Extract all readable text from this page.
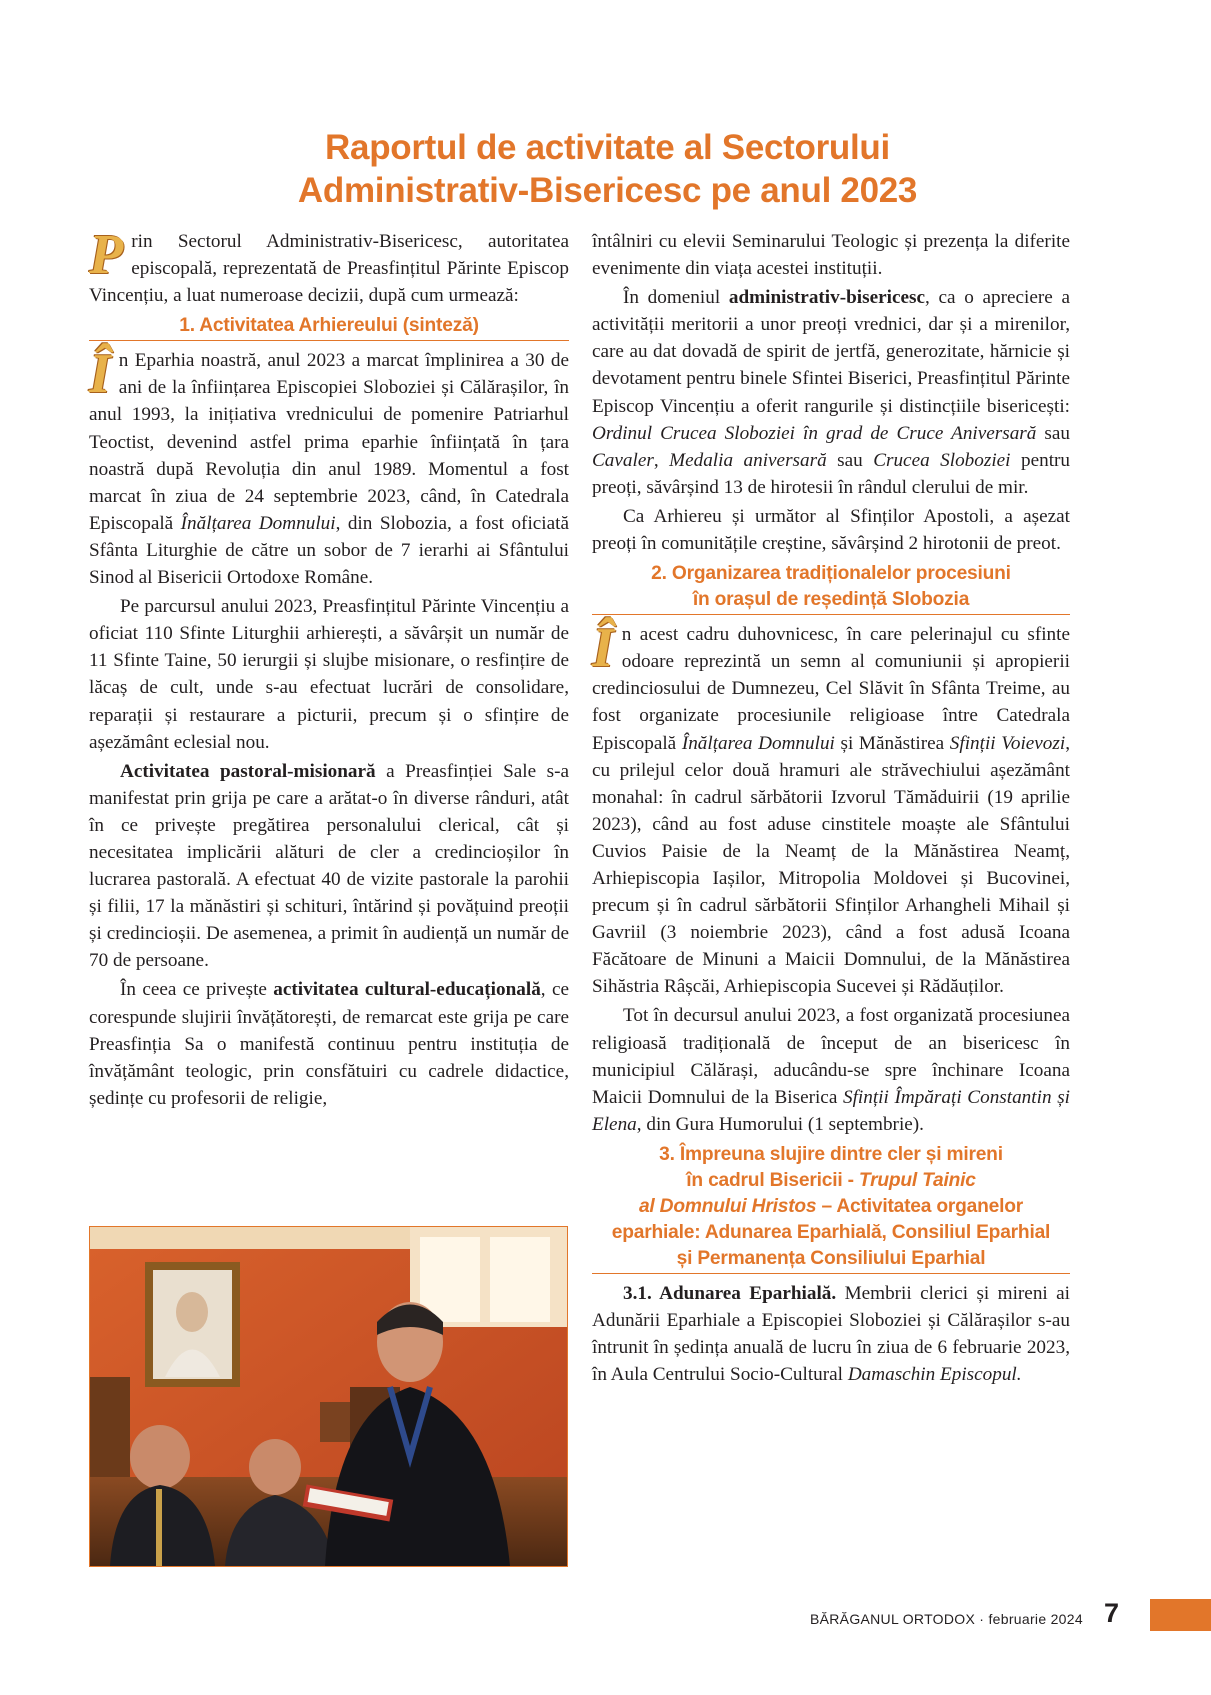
Raportul de activitate al Sectorului
Administrativ-Bisericesc pe anul 2023

Prin Sectorul Administrativ-Bisericesc, autoritatea episcopală, reprezentată de Preasfințitul Părinte Episcop Vincențiu, a luat numeroase decizii, după cum urmează:

1. Activitatea Arhiereului (sinteză)

În Eparhia noastră, anul 2023 a marcat împlinirea a 30 de ani de la înființarea Episcopiei Sloboziei și Călărașilor, în anul 1993, la inițiativa vrednicului de pomenire Patriarhul Teoctist, devenind astfel prima eparhie înființată în țara noastră după Revoluția din anul 1989. Momentul a fost marcat în ziua de 24 septembrie 2023, când, în Catedrala Episcopală Înălțarea Domnului, din Slobozia, a fost oficiată Sfânta Liturghie de către un sobor de 7 ierarhi ai Sfântului Sinod al Bisericii Ortodoxe Române.

Pe parcursul anului 2023, Preasfințitul Părinte Vincențiu a oficiat 110 Sfinte Liturghii arhierești, a săvârșit un număr de 11 Sfinte Taine, 50 ierurgii și slujbe misionare, o resfințire de lăcaș de cult, unde s-au efectuat lucrări de consolidare, reparații și restaurare a picturii, precum și o sfințire de așezământ eclesial nou.

Activitatea pastoral-misionară a Preasfinției Sale s-a manifestat prin grija pe care a arătat-o în diverse rânduri, atât în ce privește pregătirea personalului clerical, cât și necesitatea implicării alături de cler a credincioșilor în lucrarea pastorală. A efectuat 40 de vizite pastorale la parohii și filii, 17 la mănăstiri și schituri, întărind și povățuind preoții și credincioșii. De asemenea, a primit în audiență un număr de 70 de persoane.

În ceea ce privește activitatea cultural-educațională, ce corespunde slujirii învățătorești, de remarcat este grija pe care Preasfinția Sa o manifestă continuu pentru instituția de învățământ teologic, prin consfătuiri cu cadrele didactice, ședințe cu profesorii de religie,

întâlniri cu elevii Seminarului Teologic și prezența la diferite evenimente din viața acestei instituții.

În domeniul administrativ-bisericesc, ca o apreciere a activității meritorii a unor preoți vrednici, dar și a mirenilor, care au dat dovadă de spirit de jertfă, generozitate, hărnicie și devotament pentru binele Sfintei Biserici, Preasfințitul Părinte Episcop Vincențiu a oferit rangurile și distincțiile bisericești: Ordinul Crucea Sloboziei în grad de Cruce Aniversară sau Cavaler, Medalia aniversară sau Crucea Sloboziei pentru preoți, săvârșind 13 de hirotesii în rândul clerului de mir.

Ca Arhiereu și următor al Sfinților Apostoli, a așezat preoți în comunitățile creștine, săvârșind 2 hirotonii de preot.

2. Organizarea tradiționalelor procesiuni
în orașul de reședință Slobozia

În acest cadru duhovnicesc, în care pelerinajul cu sfinte odoare reprezintă un semn al comuniunii și apropierii credinciosului de Dumnezeu, Cel Slăvit în Sfânta Treime, au fost organizate procesiunile religioase între Catedrala Episcopală Înălțarea Domnului și Mănăstirea Sfinții Voievozi, cu prilejul celor două hramuri ale străvechiului așezământ monahal: în cadrul sărbătorii Izvorul Tămăduirii (19 aprilie 2023), când au fost aduse cinstitele moaște ale Sfântului Cuvios Paisie de la Neamț de la Mănăstirea Neamț, Arhiepiscopia Iașilor, Mitropolia Moldovei și Bucovinei, precum și în cadrul sărbătorii Sfinților Arhangheli Mihail și Gavriil (3 noiembrie 2023), când a fost adusă Icoana Făcătoare de Minuni a Maicii Domnului, de la Mănăstirea Sihăstria Râșcăi, Arhiepiscopia Sucevei și Rădăuților.

Tot în decursul anului 2023, a fost organizată procesiunea religioasă tradițională de început de an bisericesc în municipiul Călărași, aducându-se spre închinare Icoana Maicii Domnului de la Biserica Sfinții Împărați Constantin și Elena, din Gura Humorului (1 septembrie).

3. Împreuna slujire dintre cler și mireni
în cadrul Bisericii - Trupul Tainic
al Domnului Hristos – Activitatea organelor
eparhiale: Adunarea Eparhială, Consiliul Eparhial
și Permanența Consiliului Eparhial

3.1. Adunarea Eparhială. Membrii clerici și mireni ai Adunării Eparhiale a Episcopiei Sloboziei și Călărașilor s-au întrunit în ședința anuală de lucru în ziua de 6 februarie 2023, în Aula Centrului Socio-Cultural Damaschin Episcopul.

BĂRĂGANUL ORTODOX · februarie 2024 7
